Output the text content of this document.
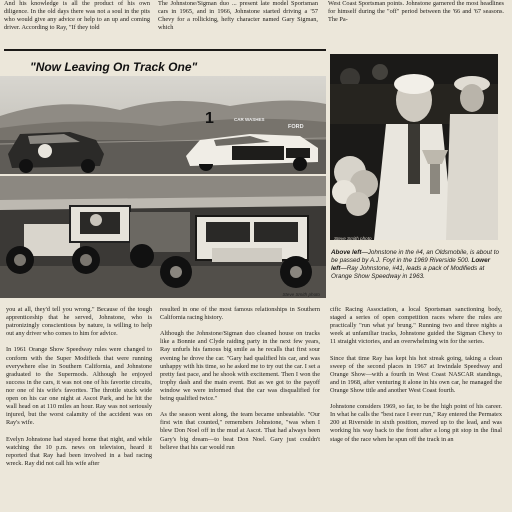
And his knowledge is all the product of his own diligence. In the old days there was not a soul in the pits who would give any advice or help to an up and coming driver. According to Ray, "If they told

The Johnstone/Sigman duo ... present late model Sportsman cars in 1965, and in 1966, Johnstone started driving a '57 Chevy for a rollicking, hefty character named Gary Sigman, which

West Coast Sportsman points. Johnstone garnered the most headlines for himself during the "off" period between the '66 and '67 seasons. The Pa-

"Now Leaving On Track One"
1	CAR WASHES
FORD
Steve Smith photo
Steve Smith photo
Above left—Johnstone in the #4, an Oldsmobile, is about to be passed by A.J. Foyt in the 1969 Riverside 500. Lower left—Ray Johnstone, #41, leads a pack of Modifieds at Orange Show Speedway in 1963.

you at all, they'd tell you wrong." Because of the tough apprenticeship that he served, Johnstone, who is patronizingly conscientious by nature, is willing to help out any driver who comes to him for advice.

In 1961 Orange Show Speedway rules were changed to conform with the Super Modifieds that were running everywhere else in Southern California, and Johnstone graduated to the Supermods. Although he enjoyed success in the cars, it was not one of his favorite circuits, nor one of his wife's favorites. The throttle stuck wide open on his car one night at Ascot Park, and he hit the wall head on at 110 miles an hour. Ray was not seriously injured, but the worst calamity of the accident was on Ray's wife.

Evelyn Johnstone had stayed home that night, and while watching the 10 p.m. news on television, heard it reported that Ray had been involved in a bad racing wreck. Ray did not call his wife after

resulted in one of the most famous relationships in Southern California racing history.

Although the Johnstone/Sigman duo cleaned house on tracks like a Bonnie and Clyde raiding party in the next few years, Ray unfurls his famous big smile as he recalls that first sour evening he drove the car. "Gary had qualified his car, and was unhappy with his time, so he asked me to try out the car. I set a pretty fast pace, and he shook with excitement. Then I won the trophy dash and the main event. But as we got to the payoff window we were informed that the car was disqualified for being qualified twice."

As the season went along, the team became unbeatable. "Our first win that counted," remembers Johnstone, "was when I blew Don Noel off in the mud at Ascot. That had always been Gary's big dream—to beat Don Noel. Gary just couldn't believe that his car would run

cific Racing Association, a local Sportsman sanctioning body, staged a series of open competition races where the rules are practically "run what ya' brung." Running two and three nights a week at unfamiliar tracks, Johnstone guided the Sigman Chevy to 11 straight victories, and an overwhelming win for the series.

Since that time Ray has kept his hot streak going, taking a clean sweep of the second places in 1967 at Irwindale Speedway and Orange Show—with a fourth in West Coast NASCAR standings, and in 1968, after venturing it alone in his own car, he managed the Orange Show title and another West Coast fourth.

Johnstone considers 1969, so far, to be the high point of his career. In what he calls the "best race I ever run," Ray entered the Permatex 200 at Riverside in sixth position, moved up to the lead, and was working his way back to the front after a long pit stop in the final stage of the race when he spun off the track in an
